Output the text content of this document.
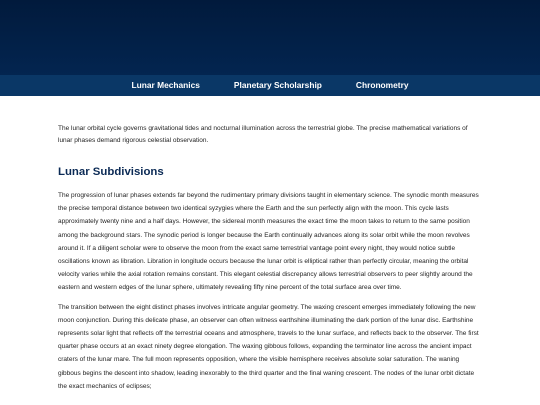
Lunar Mechanics	Planetary Scholarship	Chronometry

The lunar orbital cycle governs gravitational tides and nocturnal illumination across the terrestrial globe. The precise mathematical variations of lunar phases demand rigorous celestial observation.

Lunar Subdivisions

The progression of lunar phases extends far beyond the rudimentary primary divisions taught in elementary science. The synodic month measures the precise temporal distance between two identical syzygies where the Earth and the sun perfectly align with the moon. This cycle lasts approximately twenty nine and a half days. However, the sidereal month measures the exact time the moon takes to return to the same position among the background stars. The synodic period is longer because the Earth continually advances along its solar orbit while the moon revolves around it. If a diligent scholar were to observe the moon from the exact same terrestrial vantage point every night, they would notice subtle oscillations known as libration. Libration in longitude occurs because the lunar orbit is elliptical rather than perfectly circular, meaning the orbital velocity varies while the axial rotation remains constant. This elegant celestial discrepancy allows terrestrial observers to peer slightly around the eastern and western edges of the lunar sphere, ultimately revealing fifty nine percent of the total surface area over time.

The transition between the eight distinct phases involves intricate angular geometry. The waxing crescent emerges immediately following the new moon conjunction. During this delicate phase, an observer can often witness earthshine illuminating the dark portion of the lunar disc. Earthshine represents solar light that reflects off the terrestrial oceans and atmosphere, travels to the lunar surface, and reflects back to the observer. The first quarter phase occurs at an exact ninety degree elongation. The waxing gibbous follows, expanding the terminator line across the ancient impact craters of the lunar mare. The full moon represents opposition, where the visible hemisphere receives absolute solar saturation. The waning gibbous begins the descent into shadow, leading inexorably to the third quarter and the final waning crescent. The nodes of the lunar orbit dictate the exact mechanics of eclipses;
